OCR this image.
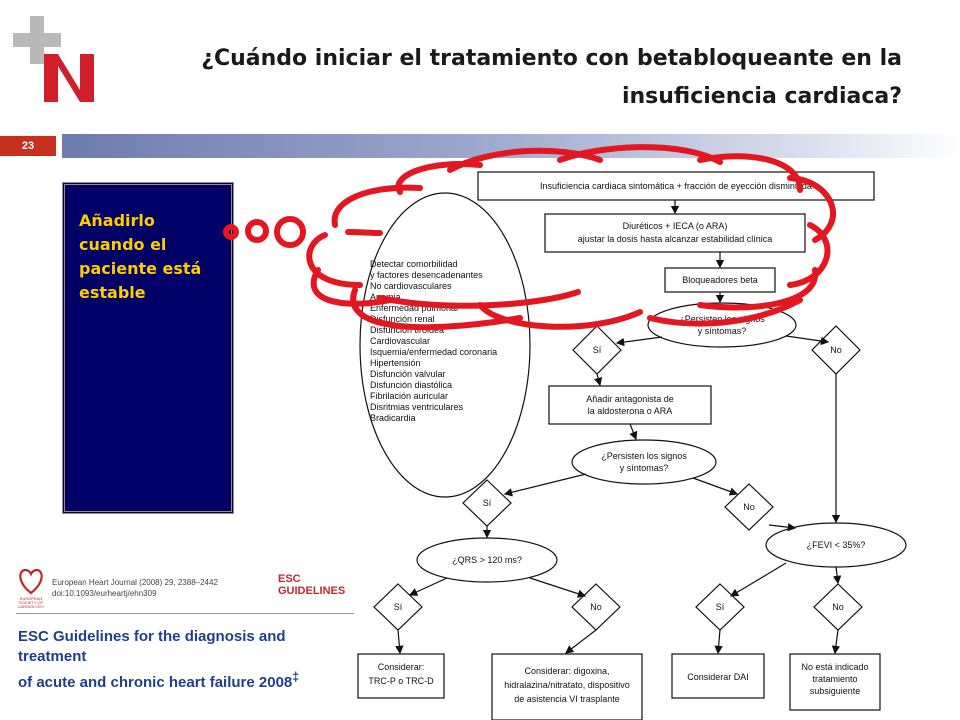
¿Cuándo iniciar el tratamiento con betabloqueante en la
insuficiencia cardiaca?
23
Añadirlo
cuando el
paciente está
estable
Insuficiencia cardiaca sintomática + fracción de eyección disminuida
Diuréticos + IECA (o ARA)
ajustar la dosis hasta alcanzar estabilidad clínica
Bloqueadores beta
¿Persisten los signos
y síntomas?
Sí	No
Añadir antagonista de
la aldosterona o ARA
¿Persisten los signos
y síntomas?
Sí	No
¿QRS > 120 ms?
¿FEVI < 35%?
Sí	No	Sí	No
Considerar:
TRC-P o TRC-D
Considerar: digoxina,
hidralazina/nitratato, dispositivo
de asistencia VI trasplante
Considerar DAI
No está indicado
tratamiento
subsiguiente
Detectar comorbilidad
y factores desencadenantes
No cardiovasculares
Anemia
Enfermedad pulmonar
Disfunción renal
Disfunción tiroidea
Cardiovascular
Isquemia/enfermedad coronaria
Hipertensión
Disfunción valvular
Disfunción diastólica
Fibrilación auricular
Disritmias ventriculares
Bradicardia
EUROPEAN
SOCIETY OF
CARDIOLOGY
European Heart Journal (2008) 29, 2388–2442
doi:10.1093/eurheartj/ehn309
ESC GUIDELINES
ESC Guidelines for the diagnosis and treatment
of acute and chronic heart failure 2008‡
